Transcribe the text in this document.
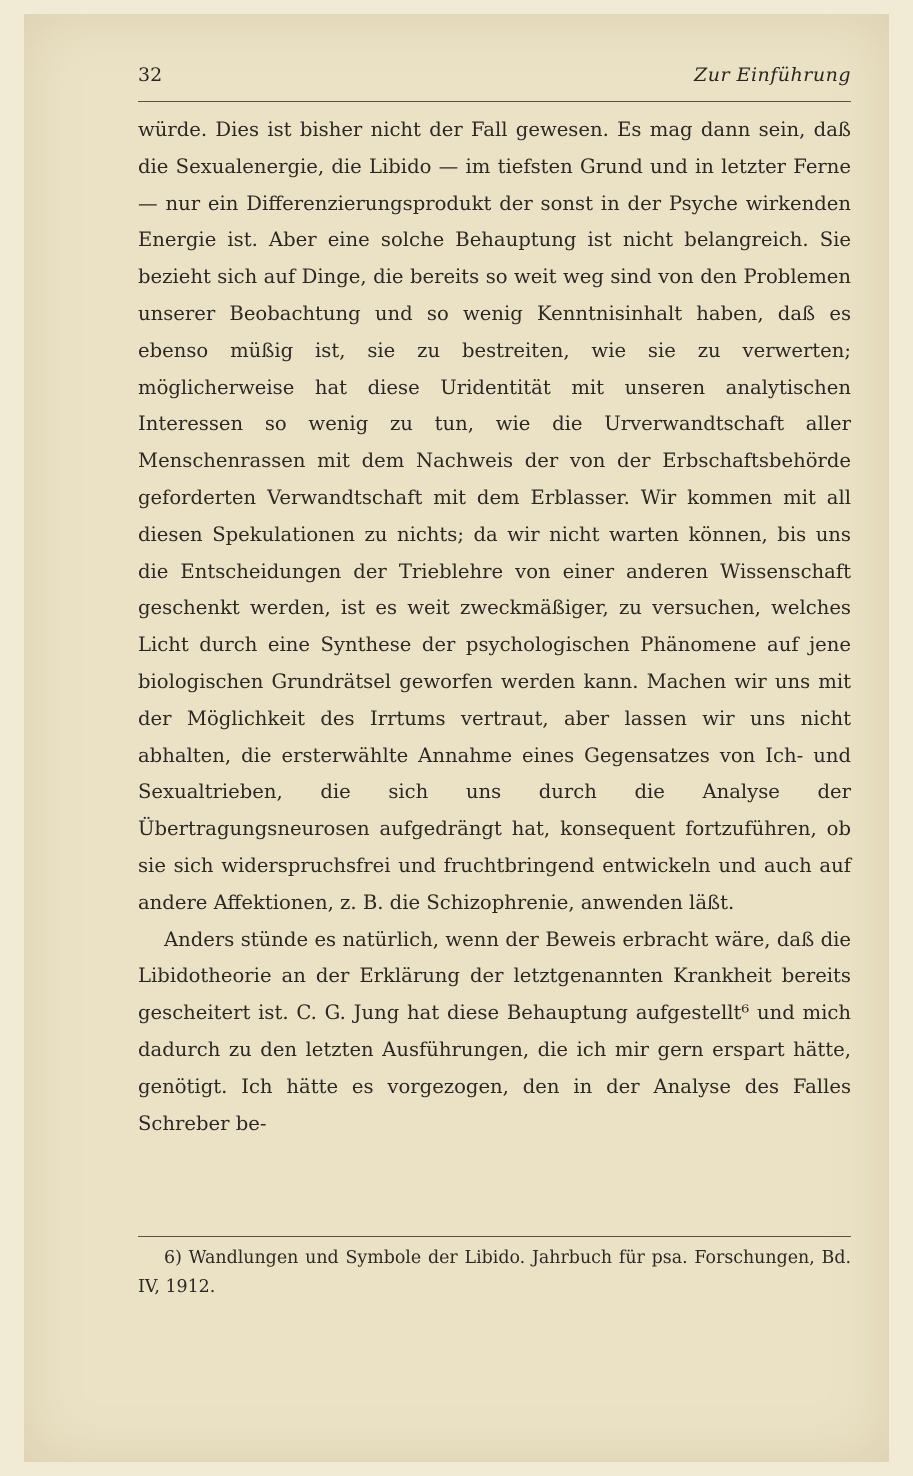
32	Zur Einführung

würde. Dies ist bisher nicht der Fall gewesen. Es mag dann sein, daß die Sexualenergie, die Libido — im tiefsten Grund und in letzter Ferne — nur ein Differenzierungsprodukt der sonst in der Psyche wirkenden Energie ist. Aber eine solche Behauptung ist nicht belangreich. Sie bezieht sich auf Dinge, die bereits so weit weg sind von den Problemen unserer Beobachtung und so wenig Kenntnisinhalt haben, daß es ebenso müßig ist, sie zu bestreiten, wie sie zu verwerten; möglicherweise hat diese Uridentität mit unseren analytischen Interessen so wenig zu tun, wie die Urverwandtschaft aller Menschenrassen mit dem Nachweis der von der Erbschaftsbehörde geforderten Verwandtschaft mit dem Erblasser. Wir kommen mit all diesen Spekulationen zu nichts; da wir nicht warten können, bis uns die Entscheidungen der Trieblehre von einer anderen Wissenschaft geschenkt werden, ist es weit zweckmäßiger, zu versuchen, welches Licht durch eine Synthese der psychologischen Phänomene auf jene biologischen Grundrätsel geworfen werden kann. Machen wir uns mit der Möglichkeit des Irrtums vertraut, aber lassen wir uns nicht abhalten, die ersterwählte Annahme eines Gegensatzes von Ich- und Sexualtrieben, die sich uns durch die Analyse der Übertragungsneurosen aufgedrängt hat, konsequent fortzuführen, ob sie sich widerspruchsfrei und fruchtbringend entwickeln und auch auf andere Affektionen, z. B. die Schizophrenie, anwenden läßt.

Anders stünde es natürlich, wenn der Beweis erbracht wäre, daß die Libidotheorie an der Erklärung der letztgenannten Krankheit bereits gescheitert ist. C. G. Jung hat diese Behauptung aufgestellt⁶ und mich dadurch zu den letzten Ausführungen, die ich mir gern erspart hätte, genötigt. Ich hätte es vorgezogen, den in der Analyse des Falles Schreber be-

6) Wandlungen und Symbole der Libido. Jahrbuch für psa. Forschungen, Bd. IV, 1912.
